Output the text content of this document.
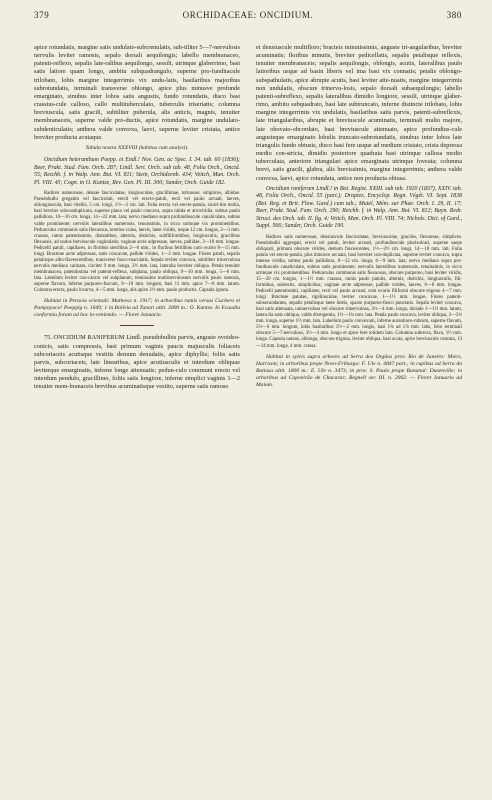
379	ORCHIDACEAE: ONCIDIUM.	380

apice rotundatis, margine satis undulato-subcrenulatis, sub-tiliter 5—7-nervulosis nervulis leviter ramosis, sepalo dorsali aequilongis; labello membranaceo, patenti-reflexo, sepalis late-ralibus aequilongo, sessili, utrinque glaberrimo, basi satis latiore quam longo, ambitu subquadrangulo, superne pro-funditacule trilobato, lobis margine integerrimis vix undu-latis, basilaribus majoribus subrotundatis, terminali transverse oblongo, apice plus minusve profunde emarginato, sinubus inter lobos satis angustis, fundo rotundatis, disco basi crassius-cule calloso, callo multituberculato, tuberculis triseriatis; columna breviuscula, satis gracili, subtiliter puberula, alis anticis, magnis, tenuiter membranaceis, superne valde pro-ductis, apice rotundatis, margine undulato-subdenticulatis; anthera valde convexa, laevi, superne leviter cristata, antice breviter producta acutaque.

Tabula nostra XXXVIII (habitus cum analysi).

Oncidium heteranthum Poepp. et Endl.! Nov. Gen. ac Spec. I. 34. tab. 60 (1836); Beer, Prakt. Stud. Fam. Orch. 287; Lindl. Sert. Orch. sub tab. 48, Folia Orch., Oncid. 55; Reichb. f. in Walp. Ann. Bot. VI. 811; Stein, Orchideenb. 434; Veitch, Man. Orch. Pl. VIII. 45; Cogn. in O. Kuntze, Rev. Gen. Pl. III. 300; Sander, Orch. Guide 182.

Radices numerosae, densae fasciculatae, longiusculae, gracillimae, tortuosae, simplices, albidae. Pseudobulbi gregatim vel fasciculati, erecti vel erecto-patuli, recti vel paulo arcuati, laeves, oblongiuscula, basi vitellis, 5 cm. longi, 1½—2 cm. lati. Folia erecta vel erecto-patula, sicuti-tim molia, basi breviter subconduplicata, superne plana vel paulo concava, supra nitida et atroviridia, subtus paulo pallidiora, 10—16 cm. longa, 14—22 mm. lata; nervo mediano supra profundiuscule canaliculato, subtus valde prominente; nervulis lateralibus numerosis, tenuissimis, in sicco utrinque vix prominentibus. Pedunculus communis satis flexuosus, teretius-culus, laevis, laete viridis, usque 12 cm. longus, 2—3 mm. crassus, ramis patentissimis, distantibus, alternis, distichis, subfiliformibus, longiusculis, gracilibus flexuosis, ad nodos breviuscule vaginulatis; vaginae arcte adpressae, laeves, pallidae, 3—10 mm. longae. Pedicelli patuli, capillares, in floribus sterilibus 2—6 mm., in floribus fertilibus cum ovario 8—15 mm. longi. Bracteae arcte adpressae, satis concavae, pallide virides, 1—2 mm. longae. Flores patuli, sepalis petalisque albo-flavescentibus, transverse fusco-maculatis. Sepala leviter concava, subtiliter trinervulosa nervulis mediano carinato, circiter 9 mm. longa, 2½ mm. lata, lateralia breviter obliqua. Petala tenuiter membranacea, patentissima vel patenti-reflexa, subplana, paulo obliqua, 9—10 mm. longa, 5—6 mm. lata. Labellum leviter con-carum vel subplanum, tenuissime multinervulosum nervulis paulo ramosis, superne flavum, inferne purpureo-fuscum, 9—10 mm. longum, basi 11 mm. apice 7—8 mm. latum. Columna erecta, paulo incurva, 4—5 mm. longa, alis apice 2½ mm. paulo productis. Capsula ignota.

Habitat in Peruvia orientali: Mathews n. 1917; in arboribus ramis versus Cuchero et Pampayaco! Poeppig n. 1649; 1 in Bolivia ad Tunari altit. 3000 m.: O. Kuntze. In Ecuadia conformia forum ad hoc in-veniendo. — Floret Januario.

75. ONCIDIUM RANIFERUM Lindl. pseudobulbis parvis, anguste ovoideo-conicis, satis compressis, basi primum vaginis paucis majusculis foliaceis subcoriaceis acutisque vestitis demum denudatis, apice diphyllis; foliis satis parvis, subcoriaceis, late linearibus, apice acutiusculis et interdum obliquae leviterque emarginatis, inferne longe attenuatis; pedun-culo communi erecto vel interdum pendulo, gracillimo, foliis satis longiore, inferne simplici vaginis 1—2 tenuiter mem-branaceis brevibus acuminatisque vestito, superne satis ramoso

et densiuscule multifloro; bracteis minutissimis, anguste tri-angularibus, breviter acuminatis; floribus minutis, breviter pedicellatis, sepalis petalisque reflexis, tenuiter membranaceis; sepalis aequilongis, oblongis, acutis, lateralibus paulo latioribus usque ad basin liberis vel ima basi vix connatis; petalis oblongo-subspathulatis, apice abrupte acutis, basi leviter atte-nuatis, margine integerrimis non undulatis, obscure trinervu-losis, sepalo dorsali subaequilongis; labello patenti-subreflexo, sepalis lateralibus dimidio longiore, sessili, utrinque glaber-rimo, ambitu subquadrato, basi late subtruncato, inferne distincte trilobato, lobis margine integerrimis vix undulatis, basilaribus satis parvis, patenti-subreflexis, late triangularibus, abrupte et breviuscule acuminatis, terminali multo majore, late obovato-obcordato, basi breviuscule attenuato, apice profundius-cule angusteque emarginato lobulis truncato-subrotundatis, sinubus inter lobos late triangulis fundo obtusis, disco basi fere usque ad medium cristato, crista depressa medio con-stricta, dimidio posteriore quadrata basi utrinque callosa medio tuberculata, anteriore triangulari apice emarginata utrinque foveata; columna brevi, satis gracili, glabra, alis brevissimis, margine integerrimis; anthera valde convexa, laevi, apice rotundata, antice non producta obtusa.

Oncidium raniferum Lindl.! in Bot. Regist. XXIII. sub tab. 1920 (1837), XXIV. tab. 48, Folia Orch., Oncid. 55 (part.); Drapiez, Encyclop. Regn. Végét. VI. Sept. 1838 (Bot. Reg. et Brit. Flow. Gard.) cum tab.; Mutel, Mém. sur Phae. Orch. I. 29, II. 17; Beer, Prakt. Stud. Fam. Orch. 290; Reichb. f. in Walp. Ann. Bot. VI. 812; Bayn. Redr. Struct. des Orch. tab. II. fig. 4; Veitch, Man. Orch. Pl. VIII. 74; Nichols. Dict. of Gard., Suppl. 566; Sander, Orch. Guide 190.

Radices satis numerosae, densiuscule fasciculatae, breviusculae, graciles, flexuosae, simplices. Pseudobulbi aggregati, erecti vel patuli, leviter arcuati, profundiuscule plurisulcati, superne saepe obliquati, primum obscure virides, demum fuscescentes, 1½—2½ cm. longi, 14—18 mm. lati. Folia patula vel erecto-patula, plus minusve arcuata, basi breviter con-duplicata, superne leviter concava, supra intense viridia, subtus paulo pallidiora, 8—12 cm. longa, 6—9 mm. lata; nervo mediano supra pro-fundiuscule canaliculato, subtus satis prominente; nervulis lateralibus numerosis, tenuissimis, in sicco utrinque vix prominentibus. Pedunculus communis satis flexuosus, obscure purpureo, basi leviter viridis, 15—20 cm. longus, 1—1½ mm. crassus, ramis paulo patulis, alternis, distichis, longiusculis, fili-formibus, subrectis, simplicibus; vaginae arcte adpressae, pallide virides, laeves, 6—8 mm. longae. Pedicelli patentissimi, capillares, recti vel paulo arcuati, cum ovario filiformi obscure trigono 4—7 mm. longi. Bracteae patulae, rigidiusculae, leviter concavae, 1—1½ mm. longae. Flores patenti-subsecundantes, sepalis petalisque laete luteis, sparse purpureo-fusco punctatis. Sepala leviter concava, basi satis attenuata, uninervulosa vel obscure trinervulosa, 3½—4 mm. longa, dorsale 1—1½ mm. latum, latera-lia satis obliqua, valde divergentia, 1½—1¾ mm. lata. Petala paulo concava, leviter obliqua, 3—3½ mm. longa, superne 1½ mm. lata. Labellum paulo convexum, inferne aurantiaco-rubrum, superne flavum, 5½—6 mm. longum, lobis basilaribus 1½—2 mm. longis, basi 1¾ ad 1⅞ mm. latis, lobo terminali obscure 5—7-nervuloso, 3½—4 mm. longo et apice fere totidem lato. Columna subrecta, flava, 1½ mm. longa. Capsula nutans, oblonga, obscure trigona, leviter obliqua, basi acuta, apice breviuscule rostrata, 13—14 mm. longa, 4 mm. crassa.

Habitat in sylvis supra arbores ad Serra dos Orgãos prov. Rio de Janeiro: Miers, Harrison; in arboribus prope Novo-Friburgo: F. Ule n. 4847 part.; in rupibus ad Serra do Batiasa altit. 1800 m.: E. Ule n. 3473; in prov. S. Paulo prope Bananal: Dusenville; in arboribus ad Capoeirão de Chacaras: Regnell ser. III. n. 2062. — Floret Januario ad Maium.
